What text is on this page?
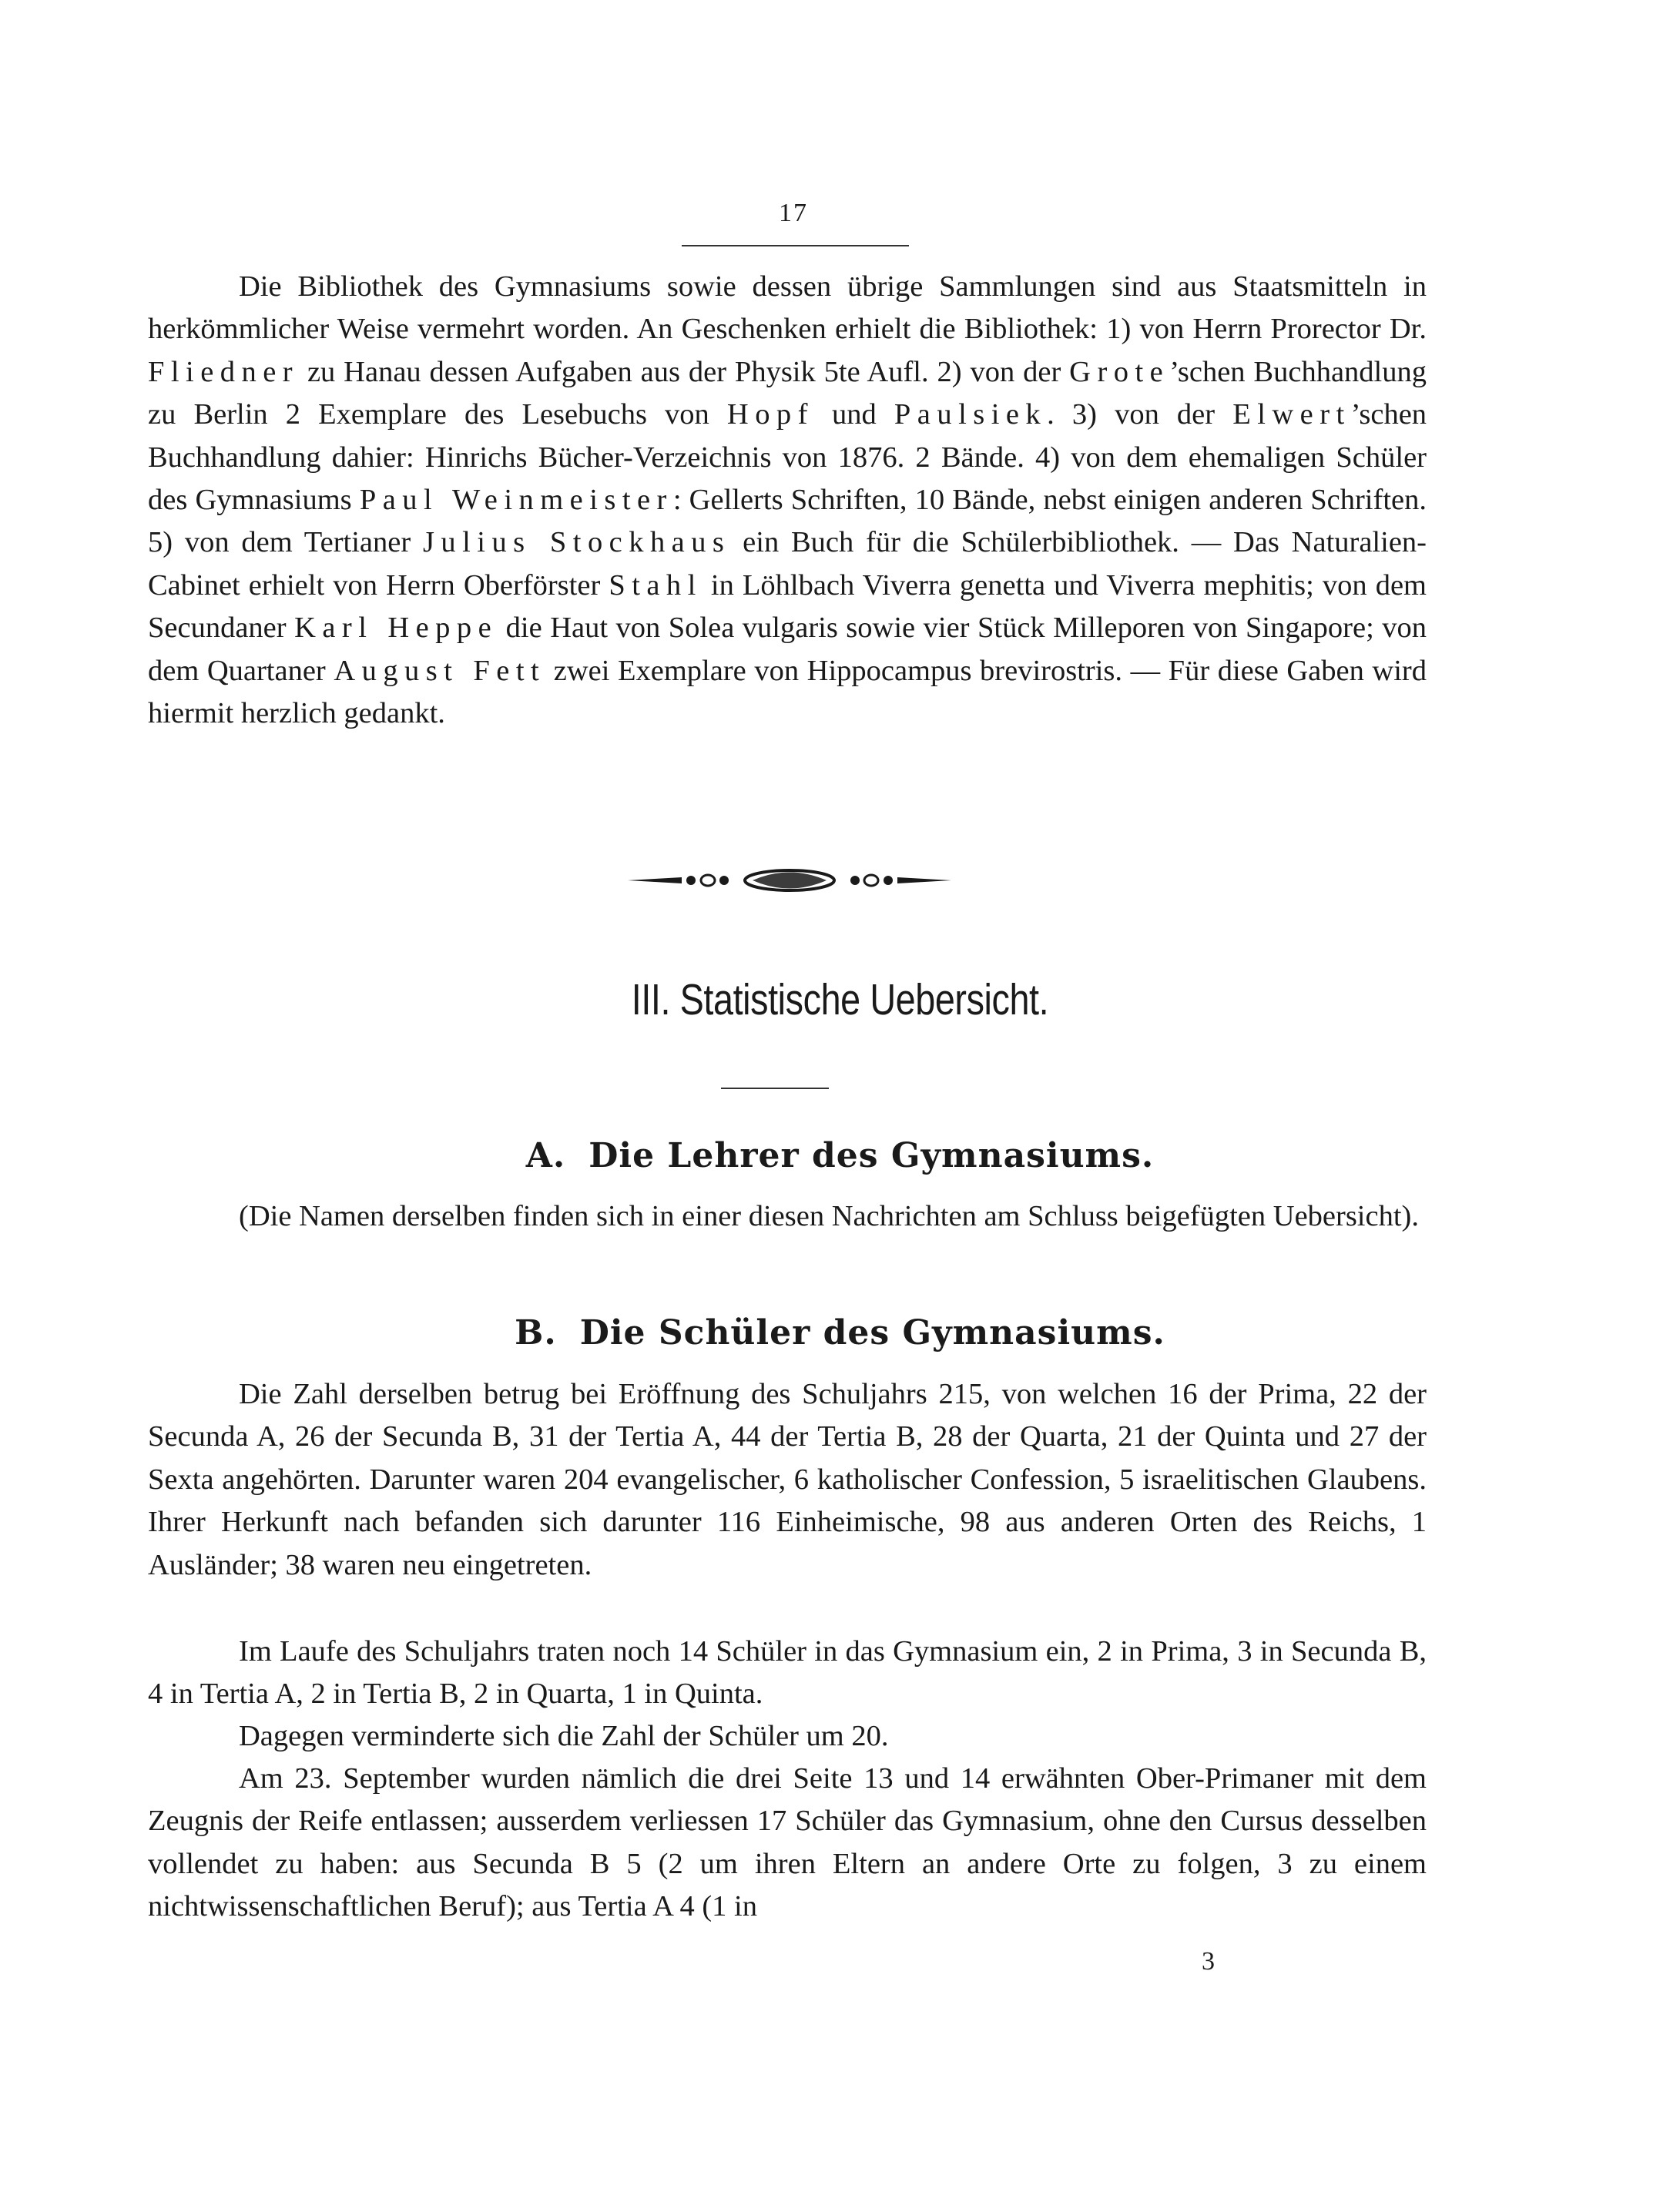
17

Die Bibliothek des Gymnasiums sowie dessen übrige Sammlungen sind aus Staatsmitteln in herkömmlicher Weise vermehrt worden. An Geschenken erhielt die Bibliothek: 1) von Herrn Prorector Dr. Fliedner zu Hanau dessen Aufgaben aus der Physik 5te Aufl. 2) von der Grote’schen Buchhandlung zu Berlin 2 Exemplare des Lesebuchs von Hopf und Paulsiek. 3) von der Elwert’schen Buchhandlung dahier: Hinrichs Bücher-Verzeichnis von 1876. 2 Bände. 4) von dem ehemaligen Schüler des Gymnasiums Paul Weinmeister: Gellerts Schriften, 10 Bände, nebst einigen anderen Schriften. 5) von dem Tertianer Julius Stockhaus ein Buch für die Schülerbibliothek. — Das Naturalien-Cabinet erhielt von Herrn Oberförster Stahl in Löhlbach Viverra genetta und Viverra mephitis; von dem Secundaner Karl Heppe die Haut von Solea vulgaris sowie vier Stück Milleporen von Singapore; von dem Quartaner August Fett zwei Exemplare von Hippocampus brevirostris. — Für diese Gaben wird hiermit herzlich gedankt.

III. Statistische Uebersicht.
A. Die Lehrer des Gymnasiums.

(Die Namen derselben finden sich in einer diesen Nachrichten am Schluss beigefügten Uebersicht).

B. Die Schüler des Gymnasiums.

Die Zahl derselben betrug bei Eröffnung des Schuljahrs 215, von welchen 16 der Prima, 22 der Secunda A, 26 der Secunda B, 31 der Tertia A, 44 der Tertia B, 28 der Quarta, 21 der Quinta und 27 der Sexta angehörten. Darunter waren 204 evangelischer, 6 katholischer Confession, 5 israelitischen Glaubens. Ihrer Herkunft nach befanden sich darunter 116 Einheimische, 98 aus anderen Orten des Reichs, 1 Ausländer; 38 waren neu eingetreten.

Im Laufe des Schuljahrs traten noch 14 Schüler in das Gymnasium ein, 2 in Prima, 3 in Secunda B, 4 in Tertia A, 2 in Tertia B, 2 in Quarta, 1 in Quinta.

Dagegen verminderte sich die Zahl der Schüler um 20.

Am 23. September wurden nämlich die drei Seite 13 und 14 erwähnten Ober-Primaner mit dem Zeugnis der Reife entlassen; ausserdem verliessen 17 Schüler das Gymnasium, ohne den Cursus desselben vollendet zu haben: aus Secunda B 5 (2 um ihren Eltern an andere Orte zu folgen, 3 zu einem nichtwissenschaftlichen Beruf); aus Tertia A 4 (1 in

3
